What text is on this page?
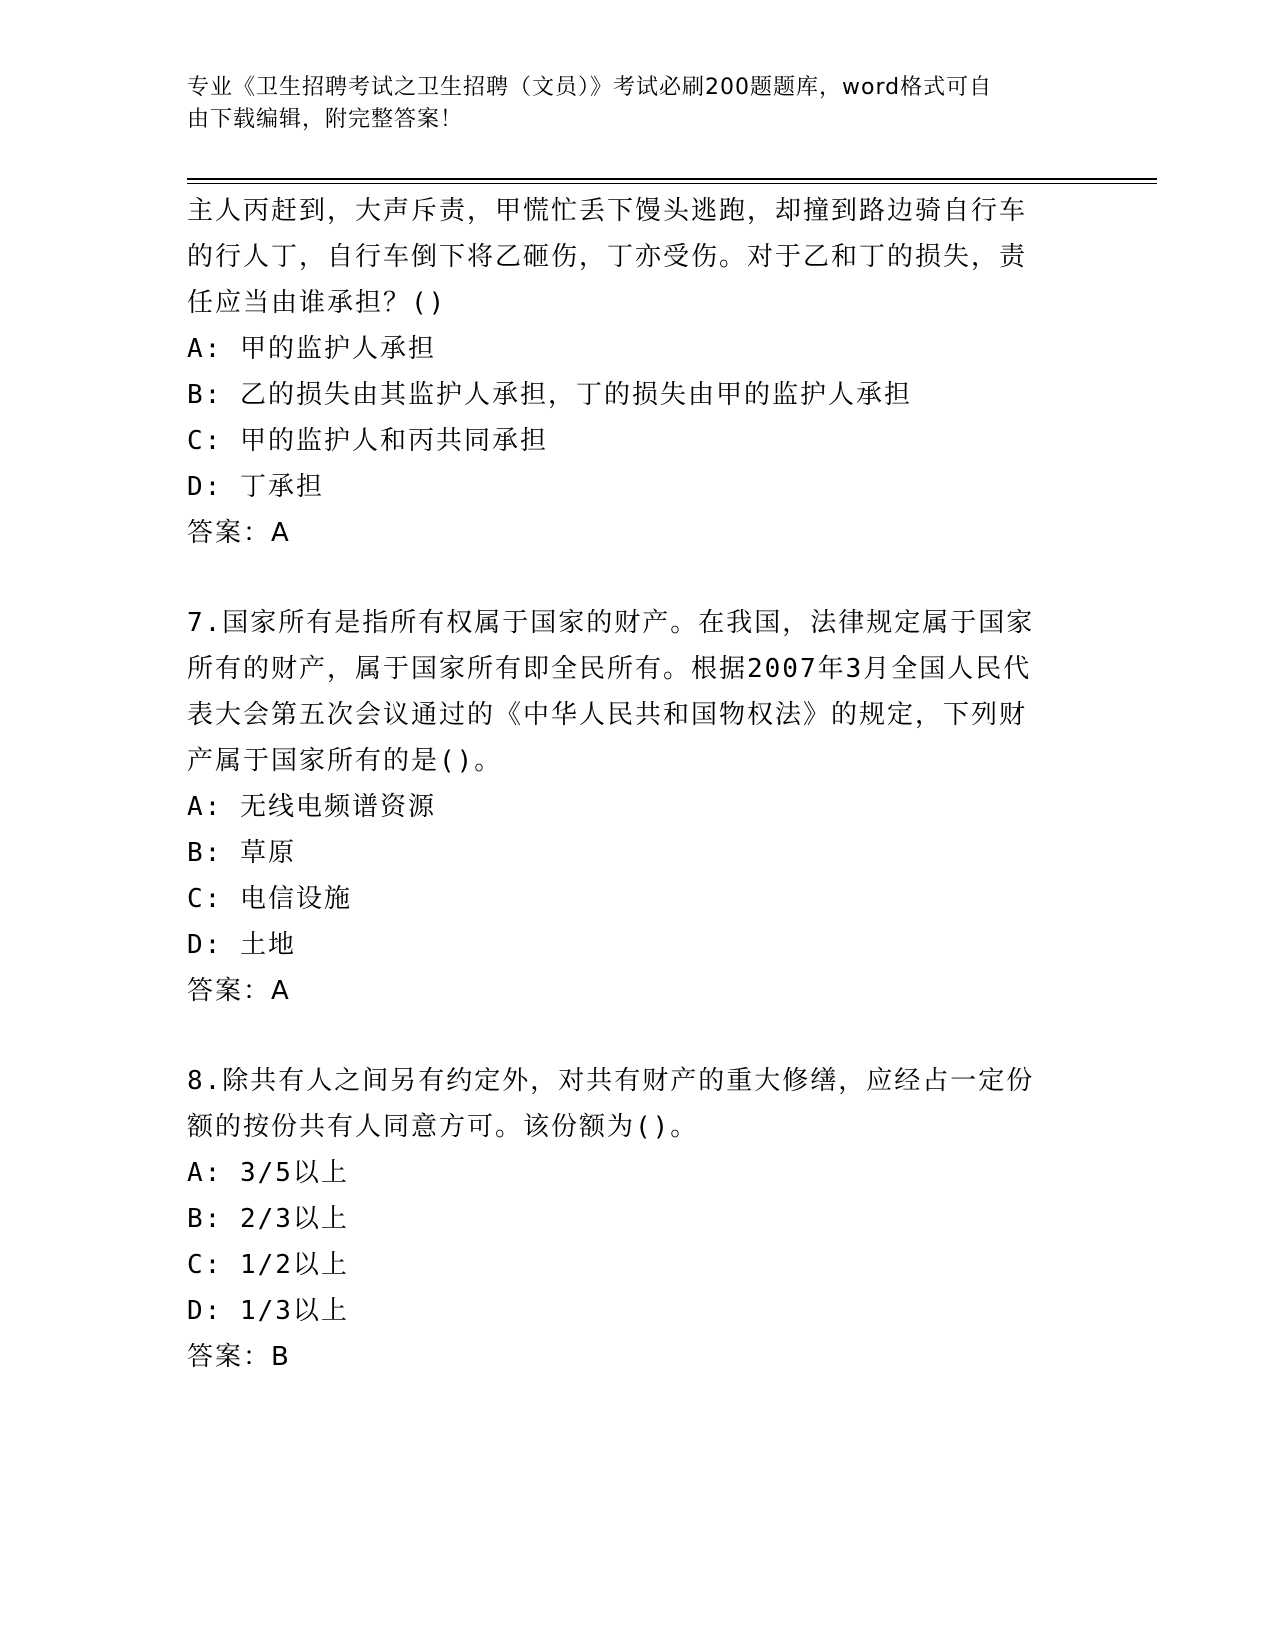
专业《卫生招聘考试之卫生招聘（文员）》考试必刷200题题库，word格式可自
由下载编辑，附完整答案！
主人丙赶到，大声斥责，甲慌忙丢下馒头逃跑，却撞到路边骑自行车
的行人丁，自行车倒下将乙砸伤，丁亦受伤。对于乙和丁的损失，责
任应当由谁承担？()
A: 甲的监护人承担
B: 乙的损失由其监护人承担，丁的损失由甲的监护人承担
C: 甲的监护人和丙共同承担
D: 丁承担
答案：A
7.国家所有是指所有权属于国家的财产。在我国，法律规定属于国家
所有的财产，属于国家所有即全民所有。根据2007年3月全国人民代
表大会第五次会议通过的《中华人民共和国物权法》的规定，下列财
产属于国家所有的是()。
A: 无线电频谱资源
B: 草原
C: 电信设施
D: 土地
答案：A
8.除共有人之间另有约定外，对共有财产的重大修缮，应经占一定份
额的按份共有人同意方可。该份额为()。
A: 3/5以上
B: 2/3以上
C: 1/2以上
D: 1/3以上
答案：B
